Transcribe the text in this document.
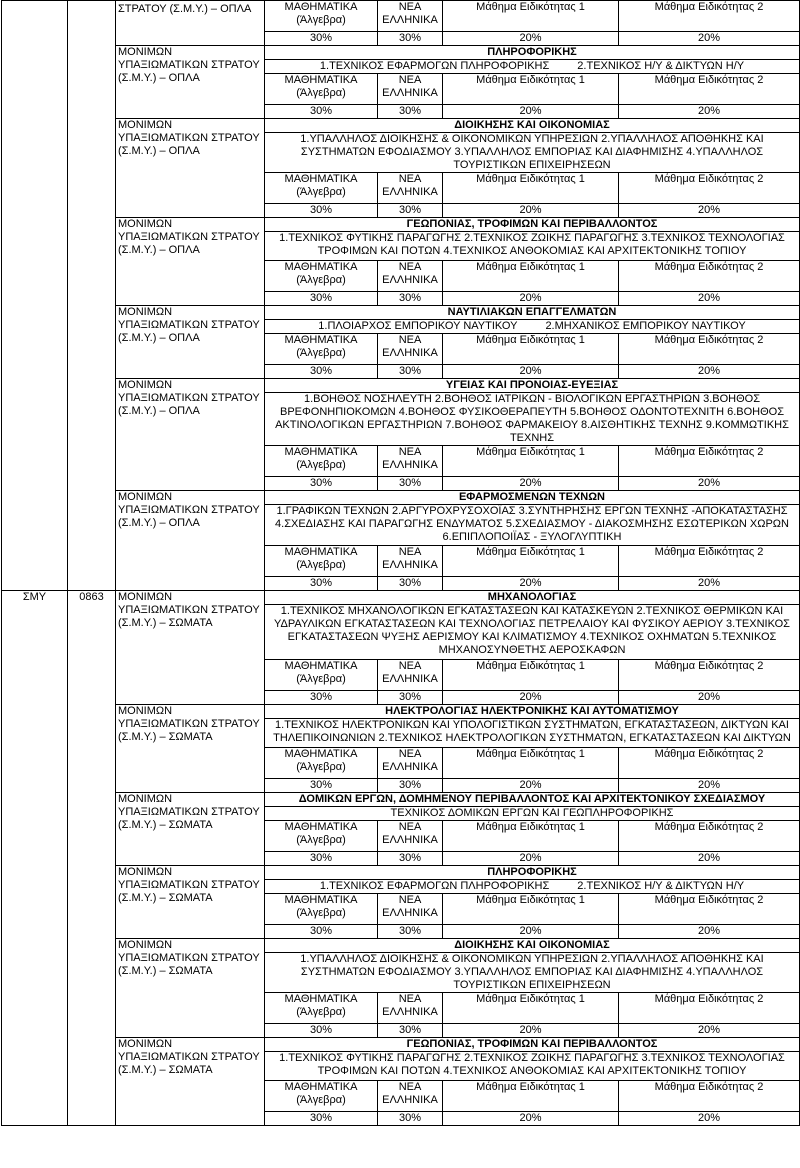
		ΣΤΡΑΤΟΥ (Σ.Μ.Υ.) – ΟΠΛΑ	ΜΑΘΗΜΑΤΙΚΑ (Άλγεβρα)	ΝΕΑ ΕΛΛΗΝΙΚΑ	Μάθημα Ειδικότητας 1	Μάθημα Ειδικότητας 2
			30%	30%	20%	20%
		ΜΟΝΙΜΩΝ ΥΠΑΞΙΩΜΑΤΙΚΩΝ ΣΤΡΑΤΟΥ (Σ.Μ.Υ.) – ΟΠΛΑ	ΠΛΗΡΟΦΟΡΙΚΗΣ			
			1.ΤΕΧΝΙΚΟΣ ΕΦΑΡΜΟΓΩΝ ΠΛΗΡΟΦΟΡΙΚΗΣ 2.ΤΕΧΝΙΚΟΣ Η/Υ & ΔΙΚΤΥΩΝ Η/Υ			
			ΜΑΘΗΜΑΤΙΚΑ (Άλγεβρα)	ΝΕΑ ΕΛΛΗΝΙΚΑ	Μάθημα Ειδικότητας 1	Μάθημα Ειδικότητας 2
			30%	30%	20%	20%
		ΜΟΝΙΜΩΝ ΥΠΑΞΙΩΜΑΤΙΚΩΝ ΣΤΡΑΤΟΥ (Σ.Μ.Υ.) – ΟΠΛΑ	ΔΙΟΙΚΗΣΗΣ ΚΑΙ ΟΙΚΟΝΟΜΙΑΣ			
			1.ΥΠΑΛΛΗΛΟΣ ΔΙΟΙΚΗΣΗΣ & ΟΙΚΟΝΟΜΙΚΩΝ ΥΠΗΡΕΣΙΩΝ 2.ΥΠΑΛΛΗΛΟΣ ΑΠΟΘΗΚΗΣ ΚΑΙ ΣΥΣΤΗΜΑΤΩΝ ΕΦΟΔΙΑΣΜΟΥ 3.ΥΠΑΛΛΗΛΟΣ ΕΜΠΟΡΙΑΣ ΚΑΙ ΔΙΑΦΗΜΙΣΗΣ 4.ΥΠΑΛΛΗΛΟΣ ΤΟΥΡΙΣΤΙΚΩΝ ΕΠΙΧΕΙΡΗΣΕΩΝ			
			ΜΑΘΗΜΑΤΙΚΑ (Άλγεβρα)	ΝΕΑ ΕΛΛΗΝΙΚΑ	Μάθημα Ειδικότητας 1	Μάθημα Ειδικότητας 2
			30%	30%	20%	20%
		ΜΟΝΙΜΩΝ ΥΠΑΞΙΩΜΑΤΙΚΩΝ ΣΤΡΑΤΟΥ (Σ.Μ.Υ.) – ΟΠΛΑ	ΓΕΩΠΟΝΙΑΣ, ΤΡΟΦΙΜΩΝ ΚΑΙ ΠΕΡΙΒΑΛΛΟΝΤΟΣ			
			1.ΤΕΧΝΙΚΟΣ ΦΥΤΙΚΗΣ ΠΑΡΑΓΩΓΗΣ 2.ΤΕΧΝΙΚΟΣ ΖΩΙΚΗΣ ΠΑΡΑΓΩΓΗΣ 3.ΤΕΧΝΙΚΟΣ ΤΕΧΝΟΛΟΓΙΑΣ ΤΡΟΦΙΜΩΝ ΚΑΙ ΠΟΤΩΝ 4.ΤΕΧΝΙΚΟΣ ΑΝΘΟΚΟΜΙΑΣ ΚΑΙ ΑΡΧΙΤΕΚΤΟΝΙΚΗΣ ΤΟΠΙΟΥ			
			ΜΑΘΗΜΑΤΙΚΑ (Άλγεβρα)	ΝΕΑ ΕΛΛΗΝΙΚΑ	Μάθημα Ειδικότητας 1	Μάθημα Ειδικότητας 2
			30%	30%	20%	20%
		ΜΟΝΙΜΩΝ ΥΠΑΞΙΩΜΑΤΙΚΩΝ ΣΤΡΑΤΟΥ (Σ.Μ.Υ.) – ΟΠΛΑ	ΝΑΥΤΙΛΙΑΚΩΝ ΕΠΑΓΓΕΛΜΑΤΩΝ			
			1.ΠΛΟΙΑΡΧΟΣ ΕΜΠΟΡΙΚΟΥ ΝΑΥΤΙΚΟΥ 2.ΜΗΧΑΝΙΚΟΣ ΕΜΠΟΡΙΚΟΥ ΝΑΥΤΙΚΟΥ			
			ΜΑΘΗΜΑΤΙΚΑ (Άλγεβρα)	ΝΕΑ ΕΛΛΗΝΙΚΑ	Μάθημα Ειδικότητας 1	Μάθημα Ειδικότητας 2
			30%	30%	20%	20%
		ΜΟΝΙΜΩΝ ΥΠΑΞΙΩΜΑΤΙΚΩΝ ΣΤΡΑΤΟΥ (Σ.Μ.Υ.) – ΟΠΛΑ	ΥΓΕΙΑΣ ΚΑΙ ΠΡΟΝΟΙΑΣ-ΕΥΕΞΙΑΣ			
			1.ΒΟΗΘΟΣ ΝΟΣΗΛΕΥΤΗ 2.ΒΟΗΘΟΣ ΙΑΤΡΙΚΩΝ - ΒΙΟΛΟΓΙΚΩΝ ΕΡΓΑΣΤΗΡΙΩΝ 3.ΒΟΗΘΟΣ ΒΡΕΦΟΝΗΠΙΟΚΟΜΩΝ 4.ΒΟΗΘΟΣ ΦΥΣΙΚΟΘΕΡΑΠΕΥΤΗ 5.ΒΟΗΘΟΣ ΟΔΟΝΤΟΤΕΧΝΙΤΗ 6.ΒΟΗΘΟΣ ΑΚΤΙΝΟΛΟΓΙΚΩΝ ΕΡΓΑΣΤΗΡΙΩΝ 7.ΒΟΗΘΟΣ ΦΑΡΜΑΚΕΙΟΥ 8.ΑΙΣΘΗΤΙΚΗΣ ΤΕΧΝΗΣ 9.ΚΟΜΜΩΤΙΚΗΣ ΤΕΧΝΗΣ			
			ΜΑΘΗΜΑΤΙΚΑ (Άλγεβρα)	ΝΕΑ ΕΛΛΗΝΙΚΑ	Μάθημα Ειδικότητας 1	Μάθημα Ειδικότητας 2
			30%	30%	20%	20%
		ΜΟΝΙΜΩΝ ΥΠΑΞΙΩΜΑΤΙΚΩΝ ΣΤΡΑΤΟΥ (Σ.Μ.Υ.) – ΟΠΛΑ	ΕΦΑΡΜΟΣΜΕΝΩΝ ΤΕΧΝΩΝ			
			1.ΓΡΑΦΙΚΩΝ ΤΕΧΝΩΝ 2.ΑΡΓΥΡΟΧΡΥΣΟΧΟΪΑΣ 3.ΣΥΝΤΗΡΗΣΗΣ ΕΡΓΩΝ ΤΕΧΝΗΣ -ΑΠΟΚΑΤΑΣΤΑΣΗΣ 4.ΣΧΕΔΙΑΣΗΣ ΚΑΙ ΠΑΡΑΓΩΓΗΣ ΕΝΔΥΜΑΤΟΣ 5.ΣΧΕΔΙΑΣΜΟΥ - ΔΙΑΚΟΣΜΗΣΗΣ ΕΣΩΤΕΡΙΚΩΝ ΧΩΡΩΝ 6.ΕΠΙΠΛΟΠΟΙΪΑΣ - ΞΥΛΟΓΛΥΠΤΙΚΗ			
			ΜΑΘΗΜΑΤΙΚΑ (Άλγεβρα)	ΝΕΑ ΕΛΛΗΝΙΚΑ	Μάθημα Ειδικότητας 1	Μάθημα Ειδικότητας 2
			30%	30%	20%	20%
ΣΜΥ	0863	ΜΟΝΙΜΩΝ ΥΠΑΞΙΩΜΑΤΙΚΩΝ ΣΤΡΑΤΟΥ (Σ.Μ.Υ.) – ΣΩΜΑΤΑ	ΜΗΧΑΝΟΛΟΓΙΑΣ			
			1.ΤΕΧΝΙΚΟΣ ΜΗΧΑΝΟΛΟΓΙΚΩΝ ΕΓΚΑΤΑΣΤΑΣΕΩΝ ΚΑΙ ΚΑΤΑΣΚΕΥΩΝ 2.ΤΕΧΝΙΚΟΣ ΘΕΡΜΙΚΩΝ ΚΑΙ ΥΔΡΑΥΛΙΚΩΝ ΕΓΚΑΤΑΣΤΑΣΕΩΝ ΚΑΙ ΤΕΧΝΟΛΟΓΙΑΣ ΠΕΤΡΕΛΑΙΟΥ ΚΑΙ ΦΥΣΙΚΟΥ ΑΕΡΙΟΥ 3.ΤΕΧΝΙΚΟΣ ΕΓΚΑΤΑΣΤΑΣΕΩΝ ΨΥΞΗΣ ΑΕΡΙΣΜΟΥ ΚΑΙ ΚΛΙΜΑΤΙΣΜΟΥ 4.ΤΕΧΝΙΚΟΣ ΟΧΗΜΑΤΩΝ 5.ΤΕΧΝΙΚΟΣ ΜΗΧΑΝΟΣΥΝΘΕΤΗΣ ΑΕΡΟΣΚΑΦΩΝ			
			ΜΑΘΗΜΑΤΙΚΑ (Άλγεβρα)	ΝΕΑ ΕΛΛΗΝΙΚΑ	Μάθημα Ειδικότητας 1	Μάθημα Ειδικότητας 2
			30%	30%	20%	20%
		ΜΟΝΙΜΩΝ ΥΠΑΞΙΩΜΑΤΙΚΩΝ ΣΤΡΑΤΟΥ (Σ.Μ.Υ.) – ΣΩΜΑΤΑ	ΗΛΕΚΤΡΟΛΟΓΙΑΣ ΗΛΕΚΤΡΟΝΙΚΗΣ ΚΑΙ ΑΥΤΟΜΑΤΙΣΜΟΥ			
			1.ΤΕΧΝΙΚΟΣ ΗΛΕΚΤΡΟΝΙΚΩΝ ΚΑΙ ΥΠΟΛΟΓΙΣΤΙΚΩΝ ΣΥΣΤΗΜΑΤΩΝ, ΕΓΚΑΤΑΣΤΑΣΕΩΝ, ΔΙΚΤΥΩΝ ΚΑΙ ΤΗΛΕΠΙΚΟΙΝΩΝΙΩΝ 2.ΤΕΧΝΙΚΟΣ ΗΛΕΚΤΡΟΛΟΓΙΚΩΝ ΣΥΣΤΗΜΑΤΩΝ, ΕΓΚΑΤΑΣΤΑΣΕΩΝ ΚΑΙ ΔΙΚΤΥΩΝ			
			ΜΑΘΗΜΑΤΙΚΑ (Άλγεβρα)	ΝΕΑ ΕΛΛΗΝΙΚΑ	Μάθημα Ειδικότητας 1	Μάθημα Ειδικότητας 2
			30%	30%	20%	20%
		ΜΟΝΙΜΩΝ ΥΠΑΞΙΩΜΑΤΙΚΩΝ ΣΤΡΑΤΟΥ (Σ.Μ.Υ.) – ΣΩΜΑΤΑ	ΔΟΜΙΚΩΝ ΕΡΓΩΝ, ΔΟΜΗΜΕΝΟΥ ΠΕΡΙΒΑΛΛΟΝΤΟΣ ΚΑΙ ΑΡΧΙΤΕΚΤΟΝΙΚΟΥ ΣΧΕΔΙΑΣΜΟΥ			
			ΤΕΧΝΙΚΟΣ ΔΟΜΙΚΩΝ ΕΡΓΩΝ ΚΑΙ ΓΕΩΠΛΗΡΟΦΟΡΙΚΗΣ			
			ΜΑΘΗΜΑΤΙΚΑ (Άλγεβρα)	ΝΕΑ ΕΛΛΗΝΙΚΑ	Μάθημα Ειδικότητας 1	Μάθημα Ειδικότητας 2
			30%	30%	20%	20%
		ΜΟΝΙΜΩΝ ΥΠΑΞΙΩΜΑΤΙΚΩΝ ΣΤΡΑΤΟΥ (Σ.Μ.Υ.) – ΣΩΜΑΤΑ	ΠΛΗΡΟΦΟΡΙΚΗΣ			
			1.ΤΕΧΝΙΚΟΣ ΕΦΑΡΜΟΓΩΝ ΠΛΗΡΟΦΟΡΙΚΗΣ 2.ΤΕΧΝΙΚΟΣ Η/Υ & ΔΙΚΤΥΩΝ Η/Υ			
			ΜΑΘΗΜΑΤΙΚΑ (Άλγεβρα)	ΝΕΑ ΕΛΛΗΝΙΚΑ	Μάθημα Ειδικότητας 1	Μάθημα Ειδικότητας 2
			30%	30%	20%	20%
		ΜΟΝΙΜΩΝ ΥΠΑΞΙΩΜΑΤΙΚΩΝ ΣΤΡΑΤΟΥ (Σ.Μ.Υ.) – ΣΩΜΑΤΑ	ΔΙΟΙΚΗΣΗΣ ΚΑΙ ΟΙΚΟΝΟΜΙΑΣ			
			1.ΥΠΑΛΛΗΛΟΣ ΔΙΟΙΚΗΣΗΣ & ΟΙΚΟΝΟΜΙΚΩΝ ΥΠΗΡΕΣΙΩΝ 2.ΥΠΑΛΛΗΛΟΣ ΑΠΟΘΗΚΗΣ ΚΑΙ ΣΥΣΤΗΜΑΤΩΝ ΕΦΟΔΙΑΣΜΟΥ 3.ΥΠΑΛΛΗΛΟΣ ΕΜΠΟΡΙΑΣ ΚΑΙ ΔΙΑΦΗΜΙΣΗΣ 4.ΥΠΑΛΛΗΛΟΣ ΤΟΥΡΙΣΤΙΚΩΝ ΕΠΙΧΕΙΡΗΣΕΩΝ			
			ΜΑΘΗΜΑΤΙΚΑ (Άλγεβρα)	ΝΕΑ ΕΛΛΗΝΙΚΑ	Μάθημα Ειδικότητας 1	Μάθημα Ειδικότητας 2
			30%	30%	20%	20%
		ΜΟΝΙΜΩΝ ΥΠΑΞΙΩΜΑΤΙΚΩΝ ΣΤΡΑΤΟΥ (Σ.Μ.Υ.) – ΣΩΜΑΤΑ	ΓΕΩΠΟΝΙΑΣ, ΤΡΟΦΙΜΩΝ ΚΑΙ ΠΕΡΙΒΑΛΛΟΝΤΟΣ			
			1.ΤΕΧΝΙΚΟΣ ΦΥΤΙΚΗΣ ΠΑΡΑΓΩΓΗΣ 2.ΤΕΧΝΙΚΟΣ ΖΩΙΚΗΣ ΠΑΡΑΓΩΓΗΣ 3.ΤΕΧΝΙΚΟΣ ΤΕΧΝΟΛΟΓΙΑΣ ΤΡΟΦΙΜΩΝ ΚΑΙ ΠΟΤΩΝ 4.ΤΕΧΝΙΚΟΣ ΑΝΘΟΚΟΜΙΑΣ ΚΑΙ ΑΡΧΙΤΕΚΤΟΝΙΚΗΣ ΤΟΠΙΟΥ			
			ΜΑΘΗΜΑΤΙΚΑ (Άλγεβρα)	ΝΕΑ ΕΛΛΗΝΙΚΑ	Μάθημα Ειδικότητας 1	Μάθημα Ειδικότητας 2
			30%	30%	20%	20%
